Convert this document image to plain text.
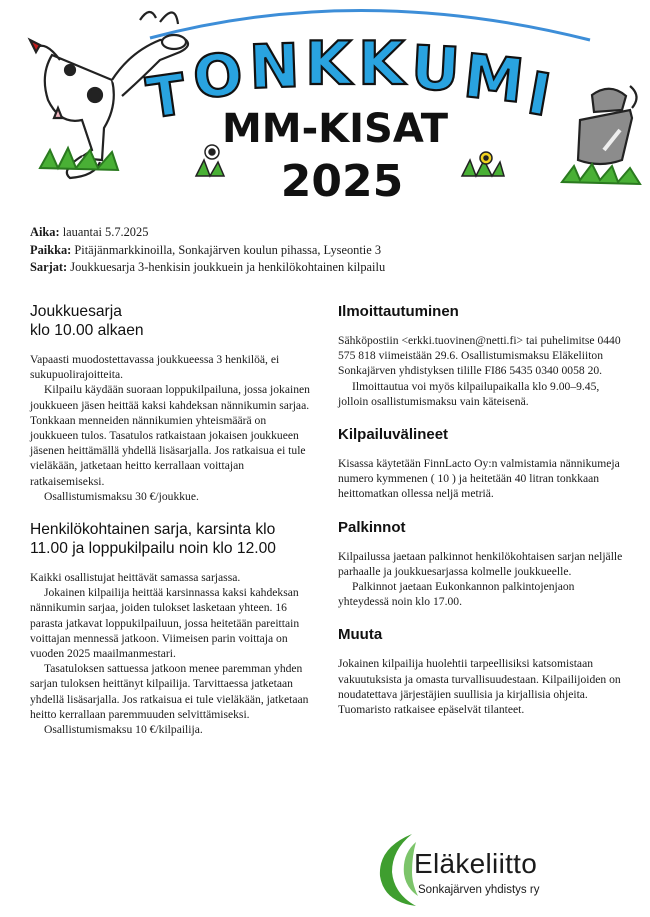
T O N K K U
M
I
MM-KISAT
2025
Aika: lauantai 5.7.2025
Paikka: Pitäjänmarkkinoilla, Sonkajärven koulun pihassa, Lyseontie 3
Sarjat: Joukkuesarja 3-henkisin joukkuein ja henkilökohtainen kilpailu
Joukkuesarja
klo 10.00 alkaen

Vapaasti muodostettavassa joukkueessa 3 henkilöä, ei sukupuolirajoitteita.

Kilpailu käydään suoraan loppukilpailuna, jossa jokainen joukkueen jäsen heittää kaksi kahdeksan nännikumin sarjaa. Tonkkaan menneiden nännikumien yhteismäärä on joukkueen tulos. Tasatulos ratkaistaan jokaisen joukkueen jäsenen heittämällä yhdellä lisäsarjalla. Jos ratkaisua ei tule vieläkään, jatketaan heitto kerrallaan voittajan ratkaisemiseksi.

Osallistumismaksu 30 €/joukkue.

Henkilökohtainen sarja, karsinta klo
11.00 ja loppukilpailu noin klo 12.00

Kaikki osallistujat heittävät samassa sarjassa.

Jokainen kilpailija heittää karsinnassa kaksi kahdeksan nännikumin sarjaa, joiden tulokset lasketaan yhteen. 16 parasta jatkavat loppukilpailuun, jossa heitetään pareittain voittajan mennessä jatkoon. Viimeisen parin voittaja on vuoden 2025 maailmanmestari.

Tasatuloksen sattuessa jatkoon menee paremman yhden sarjan tuloksen heittänyt kilpailija. Tarvittaessa jatketaan yhdellä lisäsarjalla. Jos ratkaisua ei tule vieläkään, jatketaan heitto kerrallaan paremmuuden selvittämiseksi.

Osallistumismaksu 10 €/kilpailija.

Ilmoittautuminen

Sähköpostiin <erkki.tuovinen@netti.fi> tai puhelimitse 0440 575 818 viimeistään 29.6. Osallistumismaksu Eläkeliiton Sonkajärven yhdistyksen tilille FI86 5435 0340 0058 20.

Ilmoittautua voi myös kilpailupaikalla klo 9.00–9.45, jolloin osallistumismaksu vain käteisenä.

Kilpailuvälineet

Kisassa käytetään FinnLacto Oy:n valmistamia nännikumeja numero kymmenen ( 10 ) ja heitetään 40 litran tonkkaan heittomatkan ollessa neljä metriä.

Palkinnot

Kilpailussa jaetaan palkinnot henkilökohtaisen sarjan neljälle parhaalle ja joukkuesarjassa kolmelle joukkueelle.

Palkinnot jaetaan Eukonkannon palkintojenjaon yhteydessä noin klo 17.00.

Muuta

Jokainen kilpailija huolehtii tarpeellisiksi katsomistaan vakuutuksista ja omasta turvallisuudestaan. Kilpailijoiden on noudatettava järjestäjien suullisia ja kirjallisia ohjeita. Tuomaristo ratkaisee epäselvät tilanteet.

Eläkeliitto
Sonkajärven yhdistys ry
